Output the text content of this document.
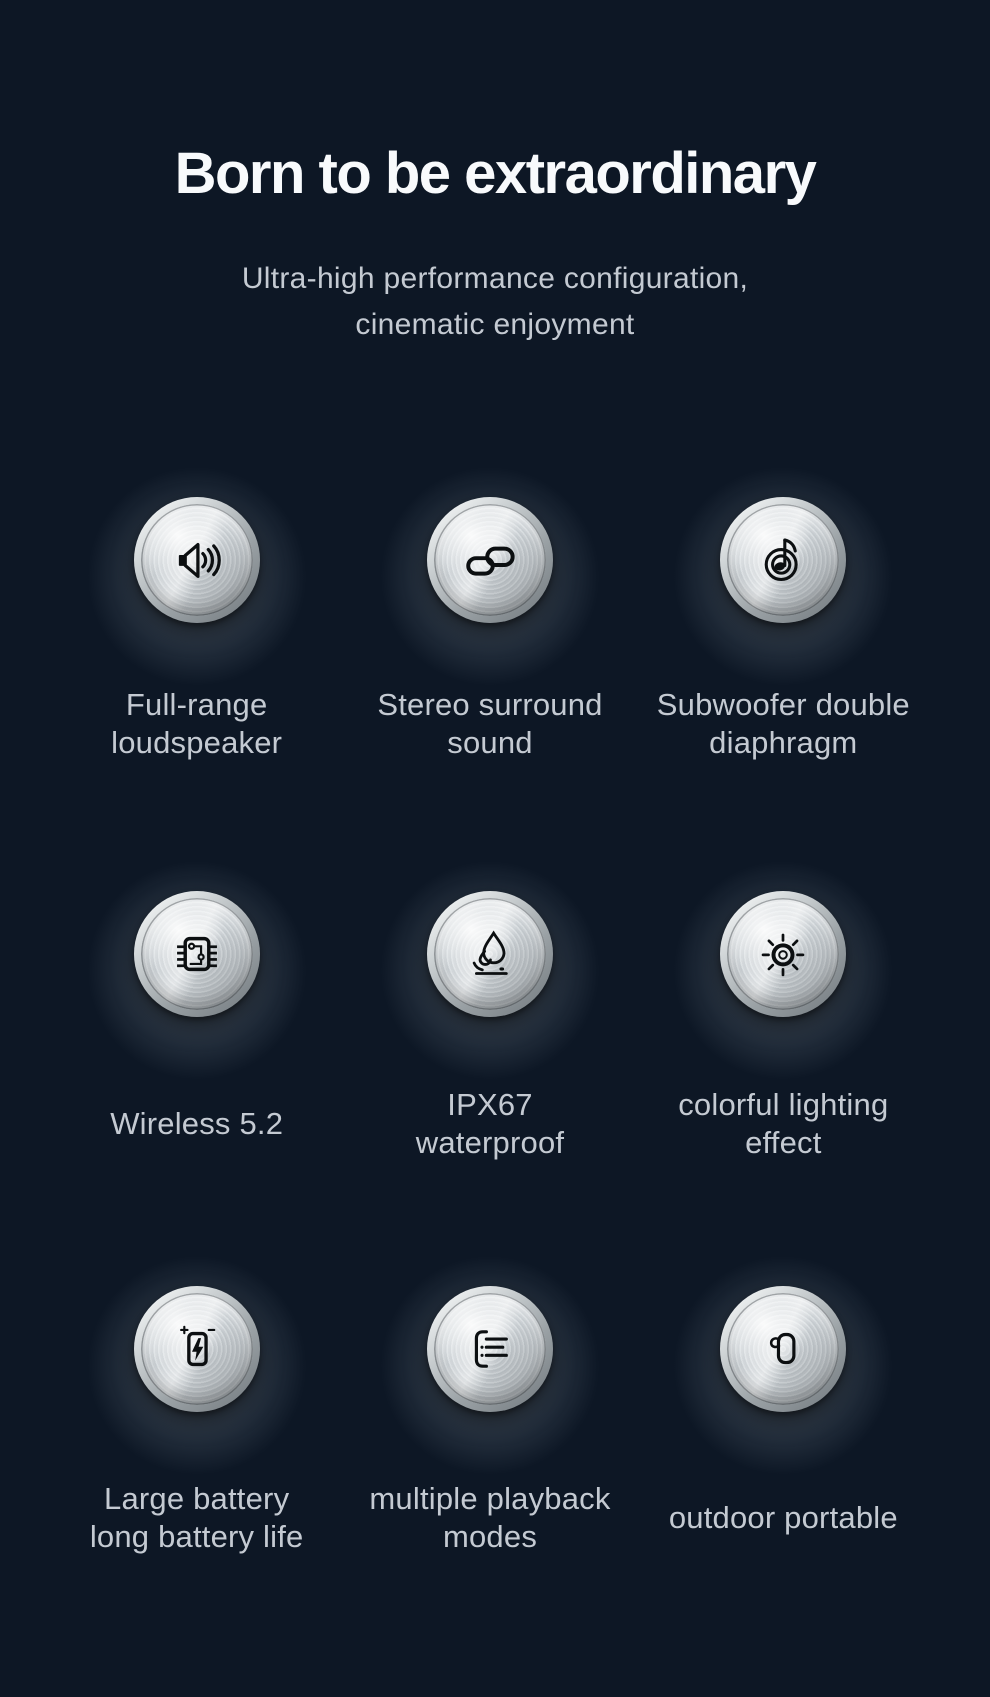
Born to be extraordinary
Ultra-high performance configuration,
cinematic enjoyment
Full-range
loudspeaker
Stereo surround
sound
Subwoofer double
diaphragm
Wireless 5.2
IPX67
waterproof
colorful lighting
effect
Large battery
long battery life
multiple playback
modes
outdoor portable
